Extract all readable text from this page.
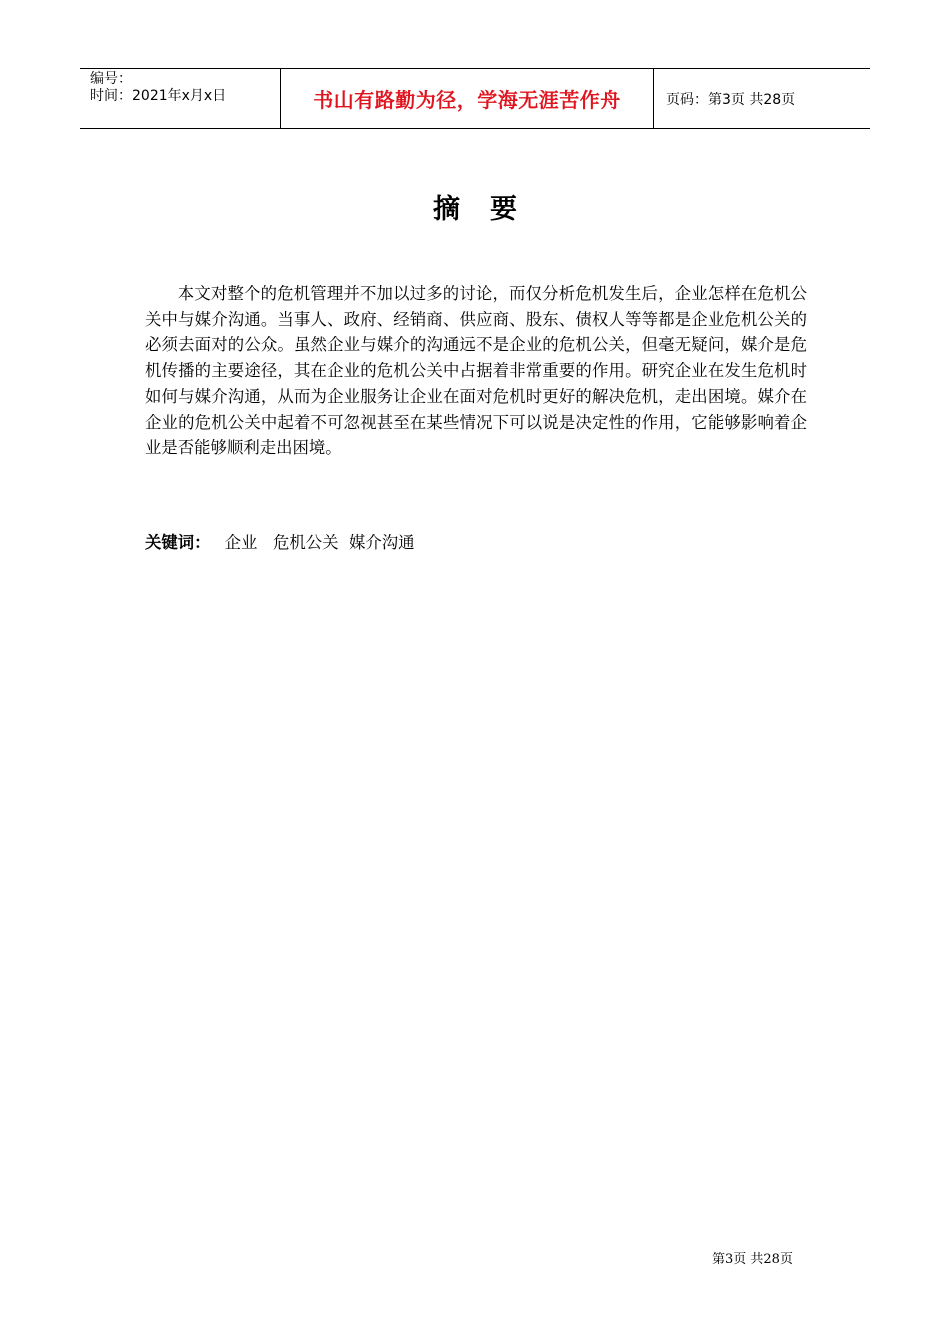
编号：
时间：2021年x月x日	书山有路勤为径，学海无涯苦作舟	页码：第3页 共28页
摘要

本文对整个的危机管理并不加以过多的讨论，而仅分析危机发生后，企业怎样在危机公关中与媒介沟通。当事人、政府、经销商、供应商、股东、债权人等等都是企业危机公关的必须去面对的公众。虽然企业与媒介的沟通远不是企业的危机公关，但毫无疑问，媒介是危机传播的主要途径，其在企业的危机公关中占据着非常重要的作用。研究企业在发生危机时如何与媒介沟通，从而为企业服务让企业在面对危机时更好的解决危机，走出困境。媒介在企业的危机公关中起着不可忽视甚至在某些情况下可以说是决定性的作用，它能够影响着企业是否能够顺利走出困境。

关键词： 企业   危机公关  媒介沟通
第3页 共28页
